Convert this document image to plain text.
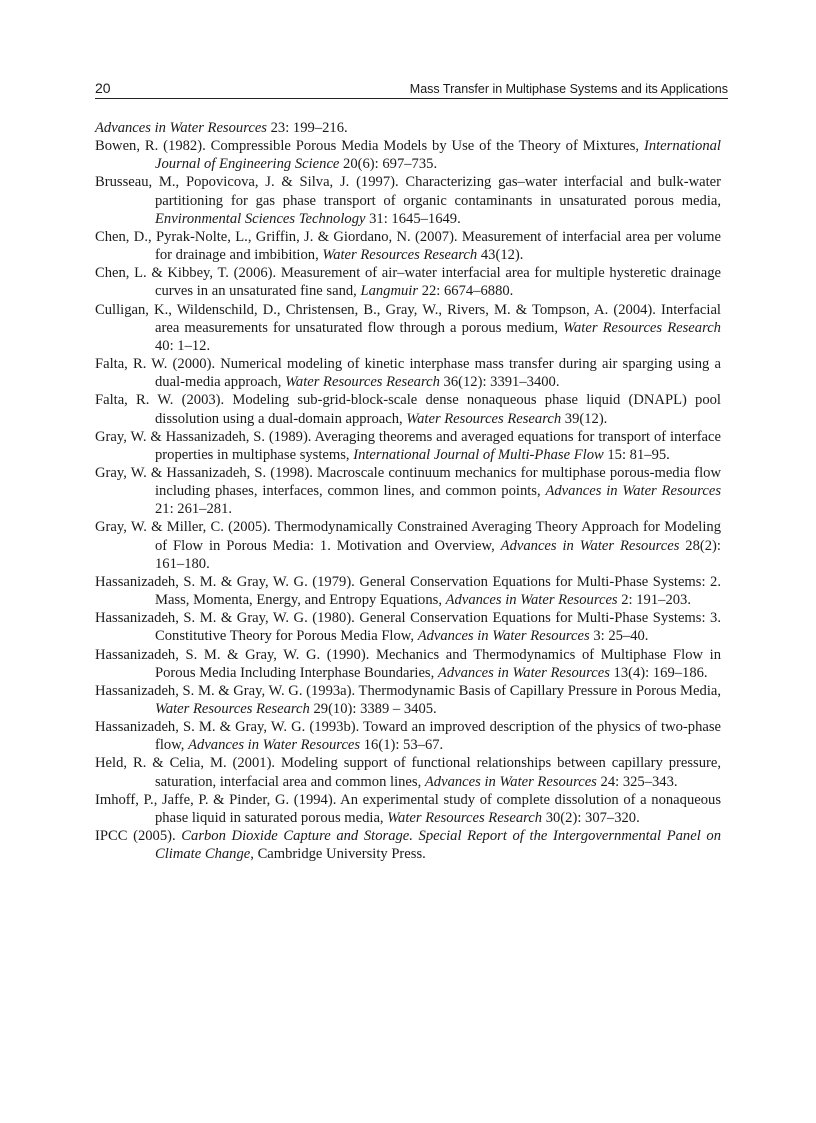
20	Mass Transfer in Multiphase Systems and its Applications

Advances in Water Resources 23: 199–216.

Bowen, R. (1982). Compressible Porous Media Models by Use of the Theory of Mixtures, International Journal of Engineering Science 20(6): 697–735.

Brusseau, M., Popovicova, J. & Silva, J. (1997). Characterizing gas–water interfacial and bulk-water partitioning for gas phase transport of organic contaminants in unsaturated porous media, Environmental Sciences Technology 31: 1645–1649.

Chen, D., Pyrak-Nolte, L., Griffin, J. & Giordano, N. (2007). Measurement of interfacial area per volume for drainage and imbibition, Water Resources Research 43(12).

Chen, L. & Kibbey, T. (2006). Measurement of air–water interfacial area for multiple hysteretic drainage curves in an unsaturated fine sand, Langmuir 22: 6674–6880.

Culligan, K., Wildenschild, D., Christensen, B., Gray, W., Rivers, M. & Tompson, A. (2004). Interfacial area measurements for unsaturated flow through a porous medium, Water Resources Research 40: 1–12.

Falta, R. W. (2000). Numerical modeling of kinetic interphase mass transfer during air sparging using a dual-media approach, Water Resources Research 36(12): 3391–3400.

Falta, R. W. (2003). Modeling sub-grid-block-scale dense nonaqueous phase liquid (DNAPL) pool dissolution using a dual-domain approach, Water Resources Research 39(12).

Gray, W. & Hassanizadeh, S. (1989). Averaging theorems and averaged equations for transport of interface properties in multiphase systems, International Journal of Multi-Phase Flow 15: 81–95.

Gray, W. & Hassanizadeh, S. (1998). Macroscale continuum mechanics for multiphase porous-media flow including phases, interfaces, common lines, and common points, Advances in Water Resources 21: 261–281.

Gray, W. & Miller, C. (2005). Thermodynamically Constrained Averaging Theory Approach for Modeling of Flow in Porous Media: 1. Motivation and Overview, Advances in Water Resources 28(2): 161–180.

Hassanizadeh, S. M. & Gray, W. G. (1979). General Conservation Equations for Multi-Phase Systems: 2. Mass, Momenta, Energy, and Entropy Equations, Advances in Water Resources 2: 191–203.

Hassanizadeh, S. M. & Gray, W. G. (1980). General Conservation Equations for Multi-Phase Systems: 3. Constitutive Theory for Porous Media Flow, Advances in Water Resources 3: 25–40.

Hassanizadeh, S. M. & Gray, W. G. (1990). Mechanics and Thermodynamics of Multiphase Flow in Porous Media Including Interphase Boundaries, Advances in Water Resources 13(4): 169–186.

Hassanizadeh, S. M. & Gray, W. G. (1993a). Thermodynamic Basis of Capillary Pressure in Porous Media, Water Resources Research 29(10): 3389 – 3405.

Hassanizadeh, S. M. & Gray, W. G. (1993b). Toward an improved description of the physics of two-phase flow, Advances in Water Resources 16(1): 53–67.

Held, R. & Celia, M. (2001). Modeling support of functional relationships between capillary pressure, saturation, interfacial area and common lines, Advances in Water Resources 24: 325–343.

Imhoff, P., Jaffe, P. & Pinder, G. (1994). An experimental study of complete dissolution of a nonaqueous phase liquid in saturated porous media, Water Resources Research 30(2): 307–320.

IPCC (2005). Carbon Dioxide Capture and Storage. Special Report of the Intergovernmental Panel on Climate Change, Cambridge University Press.
